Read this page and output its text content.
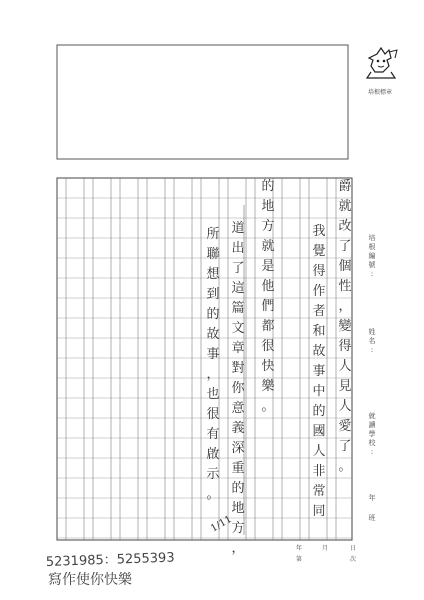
培根標章
爵
就
改
了
個
性
，
變
得
人
見
人
愛
了
。
我
覺
得
作
者
和
故
事
中
的
國
人
非
常
同
的
地
方
就
是
他
們
都
很
快
樂
。
道
出
了
這
篇
文
章
對
你
意
義
深
重
的
地
方
，
所
聯
想
到
的
故
事
，
也
很
有
啟
示
。
培
根
編
號
:
姓
名
:
就
讀
學
校
:
年
班
年
第
月	日
次
5231985：5255393
寫作使你快樂
1/11
